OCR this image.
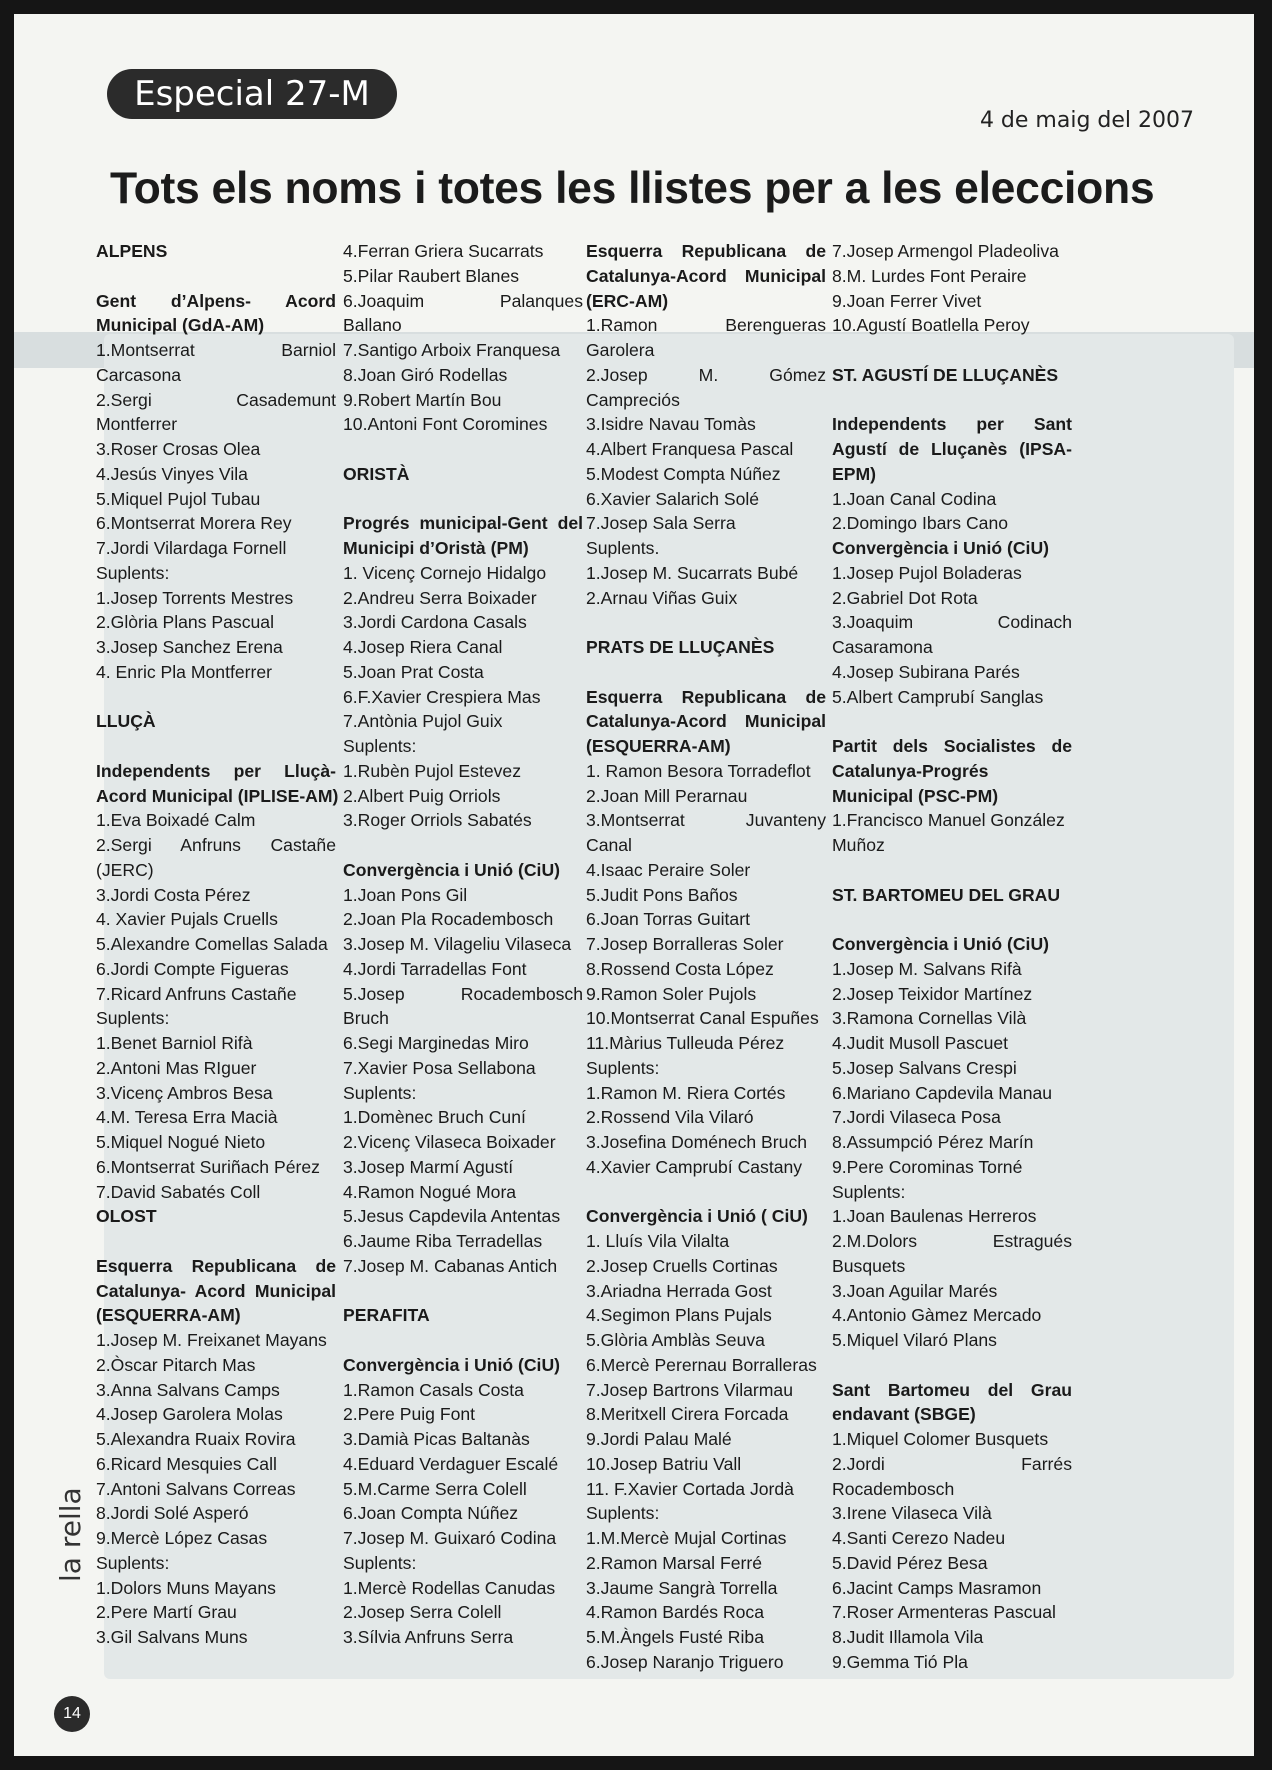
Especial 27-M
4 de maig del 2007
Tots els noms i totes les llistes per a les eleccions
ALPENS
Gent d’Alpens- Acord
Municipal (GdA-AM)
1.Montserrat Barniol
Carcasona
2.Sergi Casademunt
Montferrer
3.Roser Crosas Olea
4.Jesús Vinyes Vila
5.Miquel Pujol Tubau
6.Montserrat Morera Rey
7.Jordi Vilardaga Fornell
Suplents:
1.Josep Torrents Mestres
2.Glòria Plans Pascual
3.Josep Sanchez Erena
4. Enric Pla Montferrer
LLUÇÀ
Independents per Lluçà-
Acord Municipal (IPLISE-AM)
1.Eva Boixadé Calm
2.Sergi Anfruns Castañe
(JERC)
3.Jordi Costa Pérez
4. Xavier Pujals Cruells
5.Alexandre Comellas Salada
6.Jordi Compte Figueras
7.Ricard Anfruns Castañe
Suplents:
1.Benet Barniol Rifà
2.Antoni Mas RIguer
3.Vicenç Ambros Besa
4.M. Teresa Erra Macià
5.Miquel Nogué Nieto
6.Montserrat Suriñach Pérez
7.David Sabatés Coll
OLOST
Esquerra Republicana de
Catalunya- Acord Municipal
(ESQUERRA-AM)
1.Josep M. Freixanet Mayans
2.Òscar Pitarch Mas
3.Anna Salvans Camps
4.Josep Garolera Molas
5.Alexandra Ruaix Rovira
6.Ricard Mesquies Call
7.Antoni Salvans Correas
8.Jordi Solé Asperó
9.Mercè López Casas
Suplents:
1.Dolors Muns Mayans
2.Pere Martí Grau
3.Gil Salvans Muns
4.Ferran Griera Sucarrats
5.Pilar Raubert Blanes
6.Joaquim Palanques
Ballano
7.Santigo Arboix Franquesa
8.Joan Giró Rodellas
9.Robert Martín Bou
10.Antoni Font Coromines
ORISTÀ
Progrés municipal-Gent del
Municipi d’Oristà (PM)
1. Vicenç Cornejo Hidalgo
2.Andreu Serra Boixader
3.Jordi Cardona Casals
4.Josep Riera Canal
5.Joan Prat Costa
6.F.Xavier Crespiera Mas
7.Antònia Pujol Guix
Suplents:
1.Rubèn Pujol Estevez
2.Albert Puig Orriols
3.Roger Orriols Sabatés
Convergència i Unió (CiU)
1.Joan Pons Gil
2.Joan Pla Rocadembosch
3.Josep M. Vilageliu Vilaseca
4.Jordi Tarradellas Font
5.Josep Rocadembosch
Bruch
6.Segi Marginedas Miro
7.Xavier Posa Sellabona
Suplents:
1.Domènec Bruch Cuní
2.Vicenç Vilaseca Boixader
3.Josep Marmí Agustí
4.Ramon Nogué Mora
5.Jesus Capdevila Antentas
6.Jaume Riba Terradellas
7.Josep M. Cabanas Antich
PERAFITA
Convergència i Unió (CiU)
1.Ramon Casals Costa
2.Pere Puig Font
3.Damià Picas Baltanàs
4.Eduard Verdaguer Escalé
5.M.Carme Serra Colell
6.Joan Compta Núñez
7.Josep M. Guixaró Codina
Suplents:
1.Mercè Rodellas Canudas
2.Josep Serra Colell
3.Sílvia Anfruns Serra
Esquerra Republicana de
Catalunya-Acord Municipal
(ERC-AM)
1.Ramon Berengueras
Garolera
2.Josep M. Gómez
Campreciós
3.Isidre Navau Tomàs
4.Albert Franquesa Pascal
5.Modest Compta Núñez
6.Xavier Salarich Solé
7.Josep Sala Serra
Suplents.
1.Josep M. Sucarrats Bubé
2.Arnau Viñas Guix
PRATS DE LLUÇANÈS
Esquerra Republicana de
Catalunya-Acord Municipal
(ESQUERRA-AM)
1. Ramon Besora Torradeflot
2.Joan Mill Perarnau
3.Montserrat Juvanteny
Canal
4.Isaac Peraire Soler
5.Judit Pons Baños
6.Joan Torras Guitart
7.Josep Borralleras Soler
8.Rossend Costa López
9.Ramon Soler Pujols
10.Montserrat Canal Espuñes
11.Màrius Tulleuda Pérez
Suplents:
1.Ramon M. Riera Cortés
2.Rossend Vila Vilaró
3.Josefina Doménech Bruch
4.Xavier Camprubí Castany
Convergència i Unió ( CiU)
1. Lluís Vila Vilalta
2.Josep Cruells Cortinas
3.Ariadna Herrada Gost
4.Segimon Plans Pujals
5.Glòria Amblàs Seuva
6.Mercè Perernau Borralleras
7.Josep Bartrons Vilarmau
8.Meritxell Cirera Forcada
9.Jordi Palau Malé
10.Josep Batriu Vall
11. F.Xavier Cortada Jordà
Suplents:
1.M.Mercè Mujal Cortinas
2.Ramon Marsal Ferré
3.Jaume Sangrà Torrella
4.Ramon Bardés Roca
5.M.Àngels Fusté Riba
6.Josep Naranjo Triguero
7.Josep Armengol Pladeoliva
8.M. Lurdes Font Peraire
9.Joan Ferrer Vivet
10.Agustí Boatlella Peroy
ST. AGUSTÍ DE LLUÇANÈS
Independents per Sant
Agustí de Lluçanès (IPSA-
EPM)
1.Joan Canal Codina
2.Domingo Ibars Cano
Convergència i Unió (CiU)
1.Josep Pujol Boladeras
2.Gabriel Dot Rota
3.Joaquim Codinach
Casaramona
4.Josep Subirana Parés
5.Albert Camprubí Sanglas
Partit dels Socialistes de
Catalunya-Progrés
Municipal (PSC-PM)
1.Francisco Manuel González
Muñoz
ST. BARTOMEU DEL GRAU
Convergència i Unió (CiU)
1.Josep M. Salvans Rifà
2.Josep Teixidor Martínez
3.Ramona Cornellas Vilà
4.Judit Musoll Pascuet
5.Josep Salvans Crespi
6.Mariano Capdevila Manau
7.Jordi Vilaseca Posa
8.Assumpció Pérez Marín
9.Pere Corominas Torné
Suplents:
1.Joan Baulenas Herreros
2.M.Dolors Estragués
Busquets
3.Joan Aguilar Marés
4.Antonio Gàmez Mercado
5.Miquel Vilaró Plans
Sant Bartomeu del Grau
endavant (SBGE)
1.Miquel Colomer Busquets
2.Jordi Farrés
Rocadembosch
3.Irene Vilaseca Vilà
4.Santi Cerezo Nadeu
5.David Pérez Besa
6.Jacint Camps Masramon
7.Roser Armenteras Pascual
8.Judit Illamola Vila
9.Gemma Tió Pla
la rella
14
